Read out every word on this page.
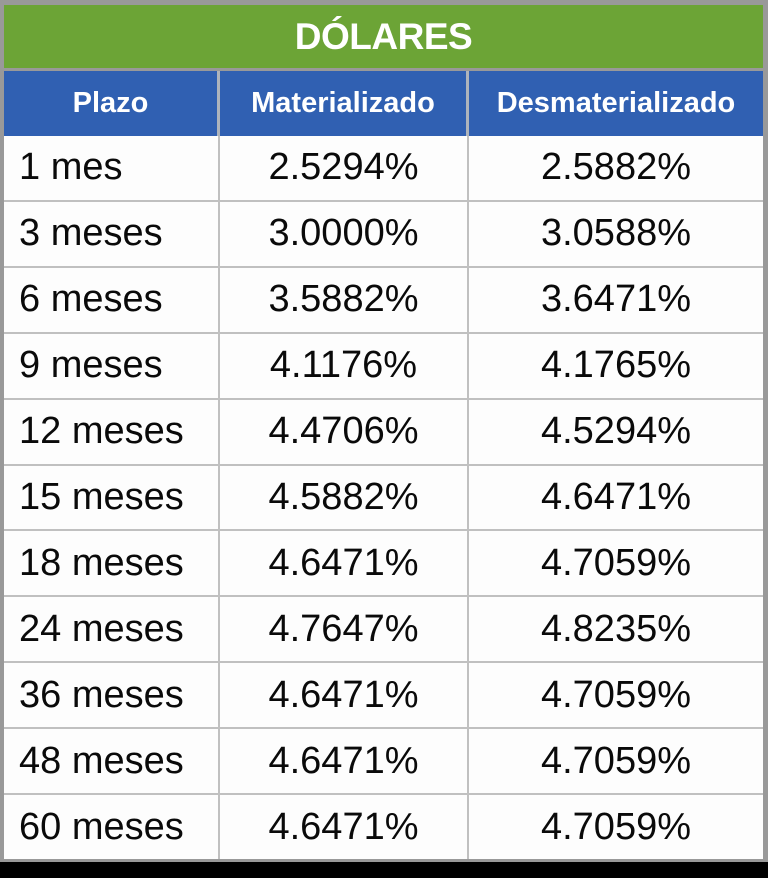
DÓLARES
Plazo	Materializado	Desmaterializado
1 mes	2.5294%	2.5882%
3 meses	3.0000%	3.0588%
6 meses	3.5882%	3.6471%
9 meses	4.1176%	4.1765%
12 meses	4.4706%	4.5294%
15 meses	4.5882%	4.6471%
18 meses	4.6471%	4.7059%
24 meses	4.7647%	4.8235%
36 meses	4.6471%	4.7059%
48 meses	4.6471%	4.7059%
60 meses	4.6471%	4.7059%
